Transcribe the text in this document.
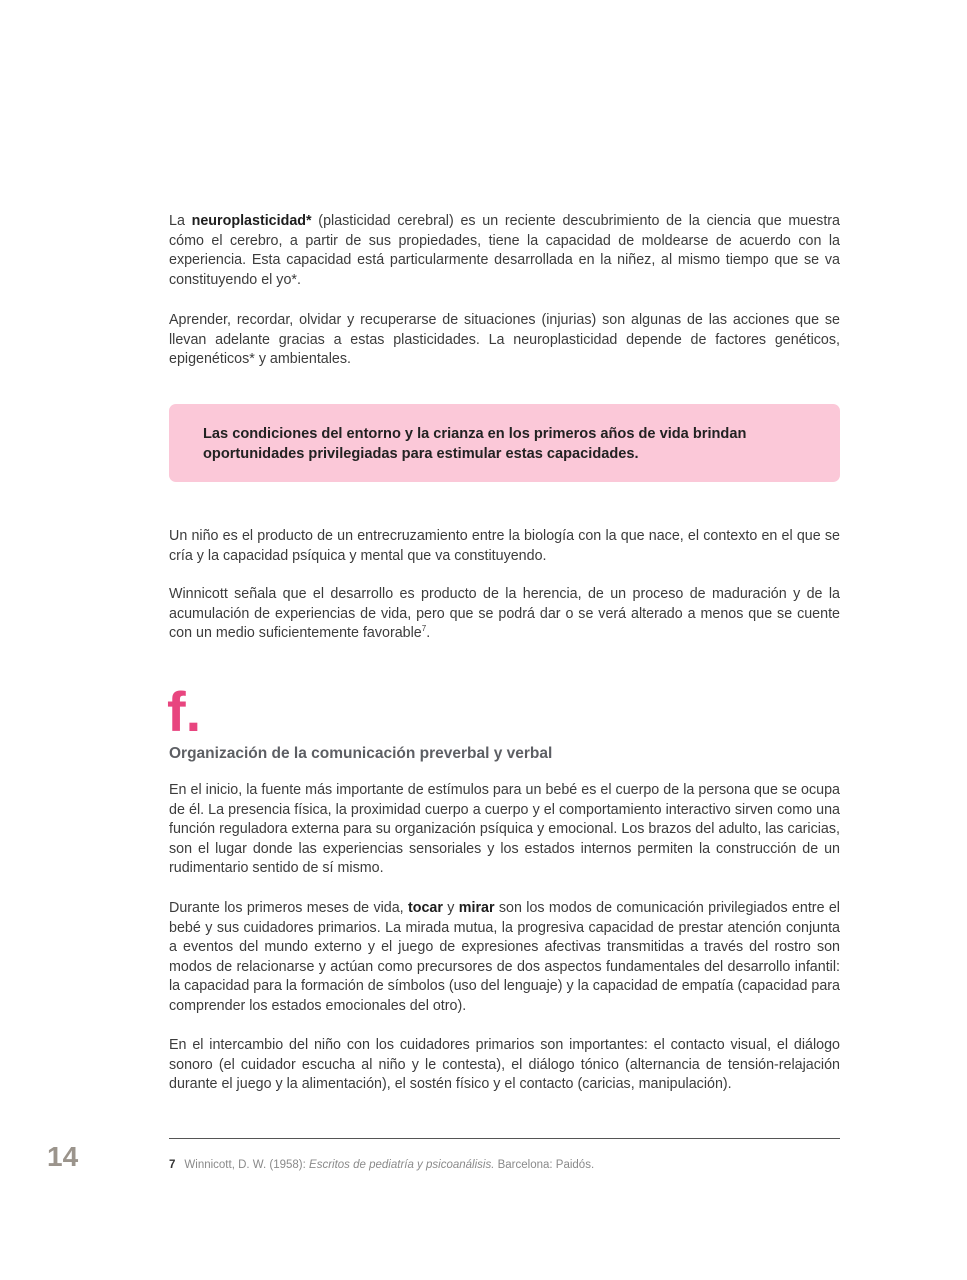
La neuroplasticidad* (plasticidad cerebral) es un reciente descubrimiento de la ciencia que muestra cómo el cerebro, a partir de sus propiedades, tiene la capacidad de moldearse de acuerdo con la experiencia. Esta capacidad está particularmente desarrollada en la niñez, al mismo tiempo que se va constituyendo el yo*.

Aprender, recordar, olvidar y recuperarse de situaciones (injurias) son algunas de las acciones que se llevan adelante gracias a estas plasticidades. La neuroplasticidad depende de factores genéticos, epigenéticos* y ambientales.

Las condiciones del entorno y la crianza en los primeros años de vida brindan
oportunidades privilegiadas para estimular estas capacidades.

Un niño es el producto de un entrecruzamiento entre la biología con la que nace, el contexto en el que se cría y la capacidad psíquica y mental que va constituyendo.

Winnicott señala que el desarrollo es producto de la herencia, de un proceso de maduración y de la acumulación de experiencias de vida, pero que se podrá dar o se verá alterado a menos que se cuente con un medio suficientemente favorable$^7$.

f.
Organización de la comunicación preverbal y verbal

En el inicio, la fuente más importante de estímulos para un bebé es el cuerpo de la persona que se ocupa de él. La presencia física, la proximidad cuerpo a cuerpo y el comportamiento interactivo sirven como una función reguladora externa para su organización psíquica y emocional. Los brazos del adulto, las caricias, son el lugar donde las experiencias sensoriales y los estados internos permiten la construcción de un rudimentario sentido de sí mismo.

Durante los primeros meses de vida, tocar y mirar son los modos de comunicación privilegiados entre el bebé y sus cuidadores primarios. La mirada mutua, la progresiva capacidad de prestar atención conjunta a eventos del mundo externo y el juego de expresiones afectivas transmitidas a través del rostro son modos de relacionarse y actúan como precursores de dos aspectos fundamentales del desarrollo infantil: la capacidad para la formación de símbolos (uso del lenguaje) y la capacidad de empatía (capacidad para comprender los estados emocionales del otro).

En el intercambio del niño con los cuidadores primarios son importantes: el contacto visual, el diálogo sonoro (el cuidador escucha al niño y le contesta), el diálogo tónico (alternancia de tensión-relajación durante el juego y la alimentación), el sostén físico y el contacto (caricias, manipulación).

14	7 Winnicott, D. W. (1958): Escritos de pediatría y psicoanálisis. Barcelona: Paidós.
